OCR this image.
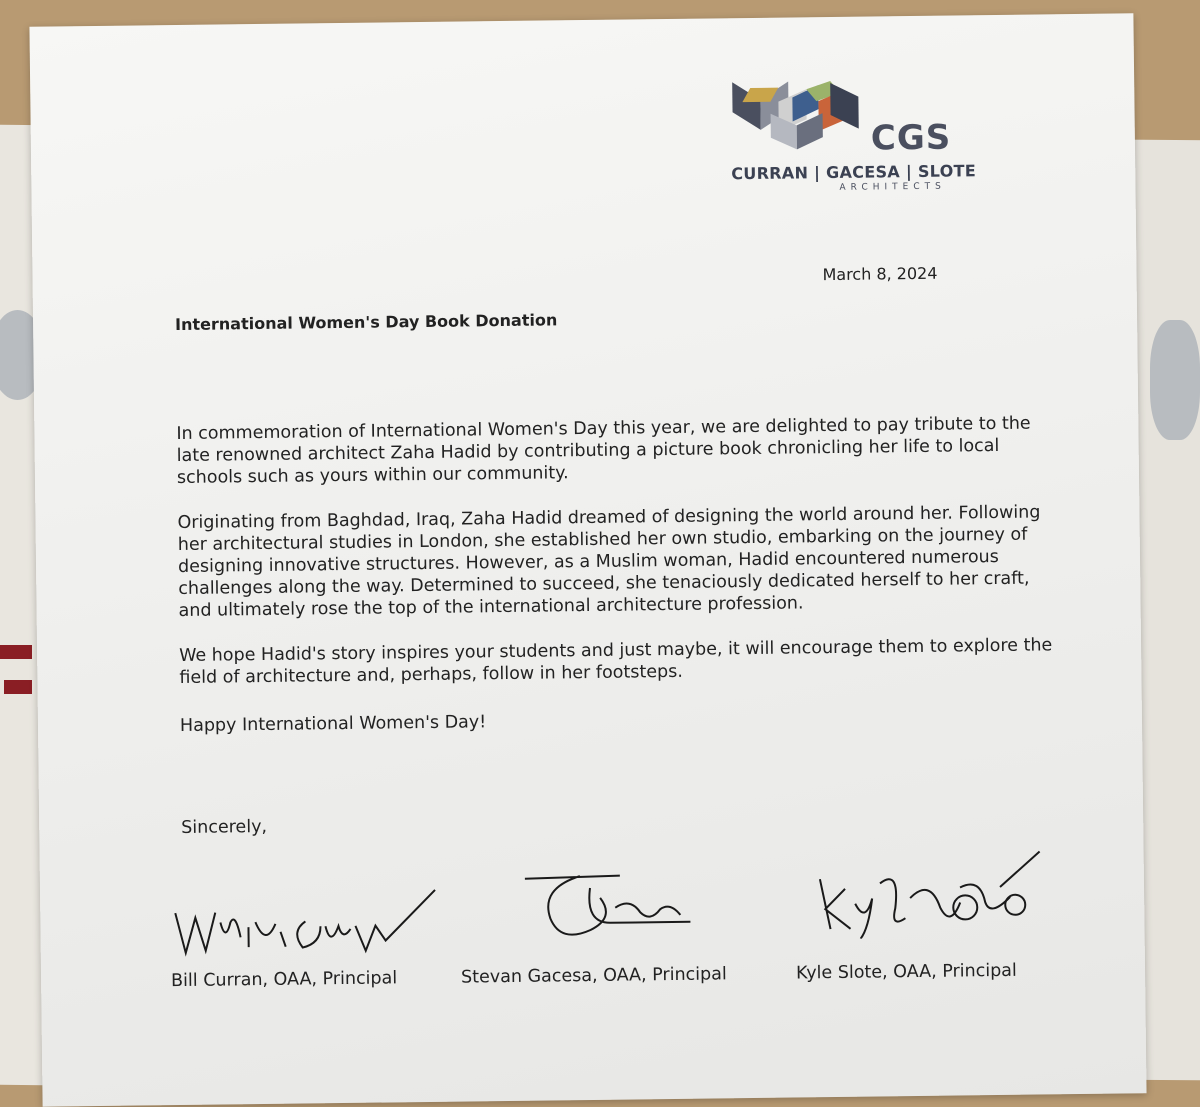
CGS
CURRAN | GACESA | SLOTE
ARCHITECTS
March 8, 2024
International Women's Day Book Donation
In commemoration of International Women's Day this year, we are delighted to pay tribute to the late renowned architect Zaha Hadid by contributing a picture book chronicling her life to local schools such as yours within our community.
Originating from Baghdad, Iraq, Zaha Hadid dreamed of designing the world around her. Following her architectural studies in London, she established her own studio, embarking on the journey of designing innovative structures. However, as a Muslim woman, Hadid encountered numerous challenges along the way. Determined to succeed, she tenaciously dedicated herself to her craft, and ultimately rose the top of the international architecture profession.
We hope Hadid's story inspires your students and just maybe, it will encourage them to explore the field of architecture and, perhaps, follow in her footsteps.
Happy International Women's Day!
Sincerely,
Bill Curran, OAA, Principal	Stevan Gacesa, OAA, Principal	Kyle Slote, OAA, Principal
